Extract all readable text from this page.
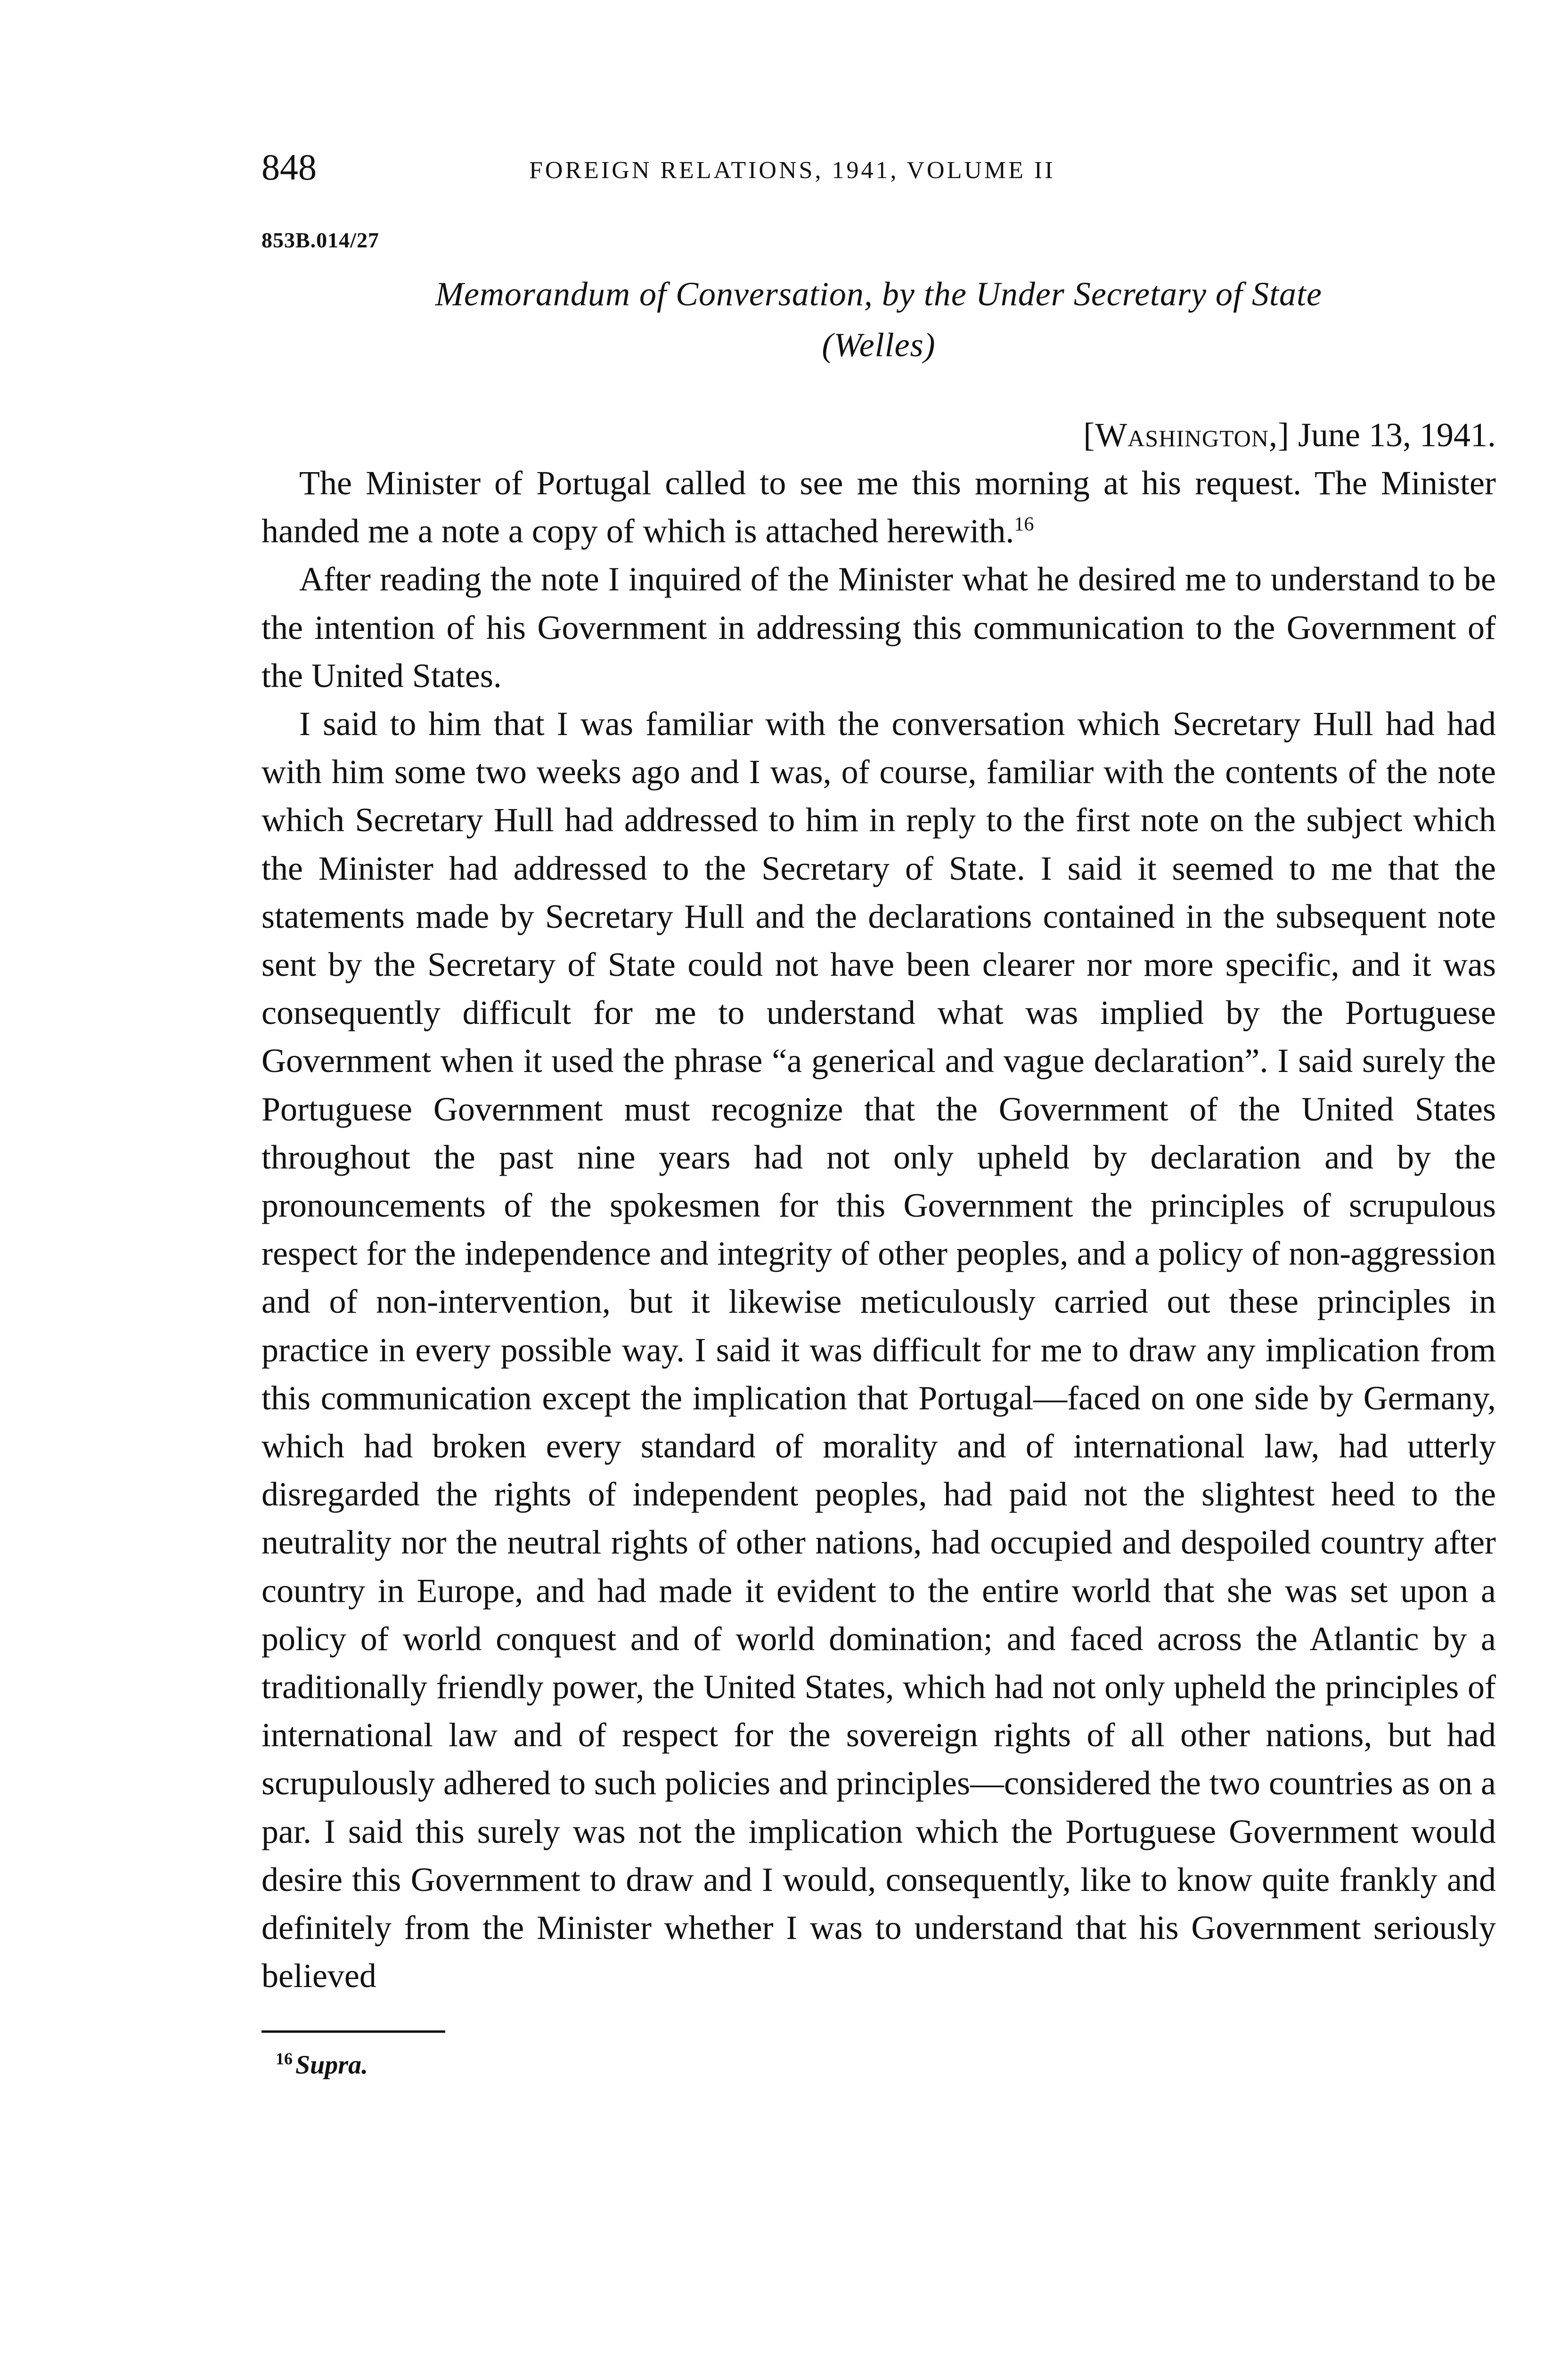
848	FOREIGN RELATIONS, 1941, VOLUME II
853B.014/27
Memorandum of Conversation, by the Under Secretary of State
(Welles)
[Washington,] June 13, 1941.

The Minister of Portugal called to see me this morning at his request. The Minister handed me a note a copy of which is attached herewith.$^{16}$

After reading the note I inquired of the Minister what he desired me to understand to be the intention of his Government in addressing this communication to the Government of the United States.

I said to him that I was familiar with the conversation which Secretary Hull had had with him some two weeks ago and I was, of course, familiar with the contents of the note which Secretary Hull had addressed to him in reply to the first note on the subject which the Minister had addressed to the Secretary of State. I said it seemed to me that the statements made by Secretary Hull and the declarations contained in the subsequent note sent by the Secretary of State could not have been clearer nor more specific, and it was consequently difficult for me to understand what was implied by the Portuguese Government when it used the phrase “a generical and vague declaration”. I said surely the Portuguese Government must recognize that the Government of the United States throughout the past nine years had not only upheld by declaration and by the pronouncements of the spokesmen for this Government the principles of scrupulous respect for the independence and integrity of other peoples, and a policy of non-aggression and of non-intervention, but it likewise meticulously carried out these principles in practice in every possible way. I said it was difficult for me to draw any implication from this communication except the implication that Portugal—faced on one side by Germany, which had broken every standard of morality and of international law, had utterly disregarded the rights of independent peoples, had paid not the slightest heed to the neutrality nor the neutral rights of other nations, had occupied and despoiled country after country in Europe, and had made it evident to the entire world that she was set upon a policy of world conquest and of world domination; and faced across the Atlantic by a traditionally friendly power, the United States, which had not only upheld the principles of international law and of respect for the sovereign rights of all other nations, but had scrupulously adhered to such policies and principles—considered the two countries as on a par. I said this surely was not the implication which the Portuguese Government would desire this Government to draw and I would, consequently, like to know quite frankly and definitely from the Minister whether I was to understand that his Government seriously believed

$^{16}$ Supra.
